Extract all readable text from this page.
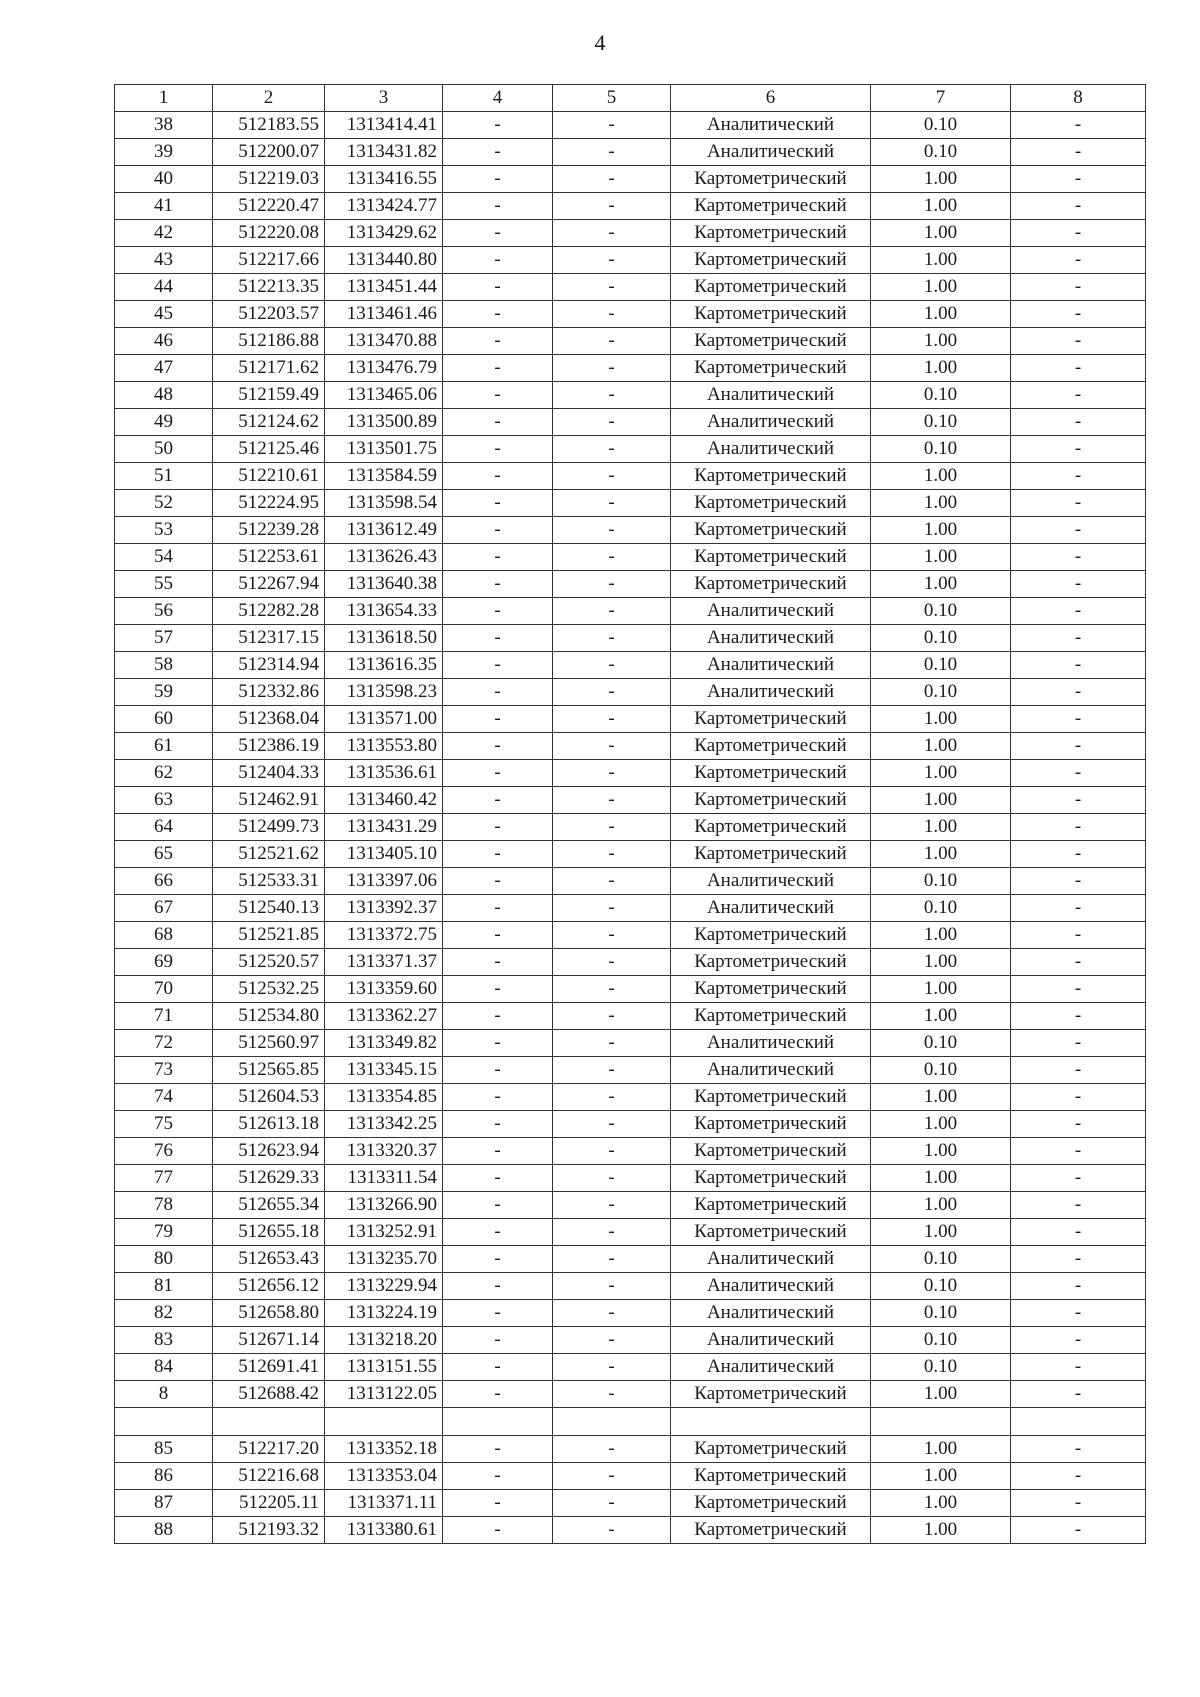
4
1	2	3	4	5	6	7	8
38	512183.55	1313414.41	-	-	Аналитический	0.10	-
39	512200.07	1313431.82	-	-	Аналитический	0.10	-
40	512219.03	1313416.55	-	-	Картометрический	1.00	-
41	512220.47	1313424.77	-	-	Картометрический	1.00	-
42	512220.08	1313429.62	-	-	Картометрический	1.00	-
43	512217.66	1313440.80	-	-	Картометрический	1.00	-
44	512213.35	1313451.44	-	-	Картометрический	1.00	-
45	512203.57	1313461.46	-	-	Картометрический	1.00	-
46	512186.88	1313470.88	-	-	Картометрический	1.00	-
47	512171.62	1313476.79	-	-	Картометрический	1.00	-
48	512159.49	1313465.06	-	-	Аналитический	0.10	-
49	512124.62	1313500.89	-	-	Аналитический	0.10	-
50	512125.46	1313501.75	-	-	Аналитический	0.10	-
51	512210.61	1313584.59	-	-	Картометрический	1.00	-
52	512224.95	1313598.54	-	-	Картометрический	1.00	-
53	512239.28	1313612.49	-	-	Картометрический	1.00	-
54	512253.61	1313626.43	-	-	Картометрический	1.00	-
55	512267.94	1313640.38	-	-	Картометрический	1.00	-
56	512282.28	1313654.33	-	-	Аналитический	0.10	-
57	512317.15	1313618.50	-	-	Аналитический	0.10	-
58	512314.94	1313616.35	-	-	Аналитический	0.10	-
59	512332.86	1313598.23	-	-	Аналитический	0.10	-
60	512368.04	1313571.00	-	-	Картометрический	1.00	-
61	512386.19	1313553.80	-	-	Картометрический	1.00	-
62	512404.33	1313536.61	-	-	Картометрический	1.00	-
63	512462.91	1313460.42	-	-	Картометрический	1.00	-
64	512499.73	1313431.29	-	-	Картометрический	1.00	-
65	512521.62	1313405.10	-	-	Картометрический	1.00	-
66	512533.31	1313397.06	-	-	Аналитический	0.10	-
67	512540.13	1313392.37	-	-	Аналитический	0.10	-
68	512521.85	1313372.75	-	-	Картометрический	1.00	-
69	512520.57	1313371.37	-	-	Картометрический	1.00	-
70	512532.25	1313359.60	-	-	Картометрический	1.00	-
71	512534.80	1313362.27	-	-	Картометрический	1.00	-
72	512560.97	1313349.82	-	-	Аналитический	0.10	-
73	512565.85	1313345.15	-	-	Аналитический	0.10	-
74	512604.53	1313354.85	-	-	Картометрический	1.00	-
75	512613.18	1313342.25	-	-	Картометрический	1.00	-
76	512623.94	1313320.37	-	-	Картометрический	1.00	-
77	512629.33	1313311.54	-	-	Картометрический	1.00	-
78	512655.34	1313266.90	-	-	Картометрический	1.00	-
79	512655.18	1313252.91	-	-	Картометрический	1.00	-
80	512653.43	1313235.70	-	-	Аналитический	0.10	-
81	512656.12	1313229.94	-	-	Аналитический	0.10	-
82	512658.80	1313224.19	-	-	Аналитический	0.10	-
83	512671.14	1313218.20	-	-	Аналитический	0.10	-
84	512691.41	1313151.55	-	-	Аналитический	0.10	-
8	512688.42	1313122.05	-	-	Картометрический	1.00	-

85	512217.20	1313352.18	-	-	Картометрический	1.00	-
86	512216.68	1313353.04	-	-	Картометрический	1.00	-
87	512205.11	1313371.11	-	-	Картометрический	1.00	-
88	512193.32	1313380.61	-	-	Картометрический	1.00	-
